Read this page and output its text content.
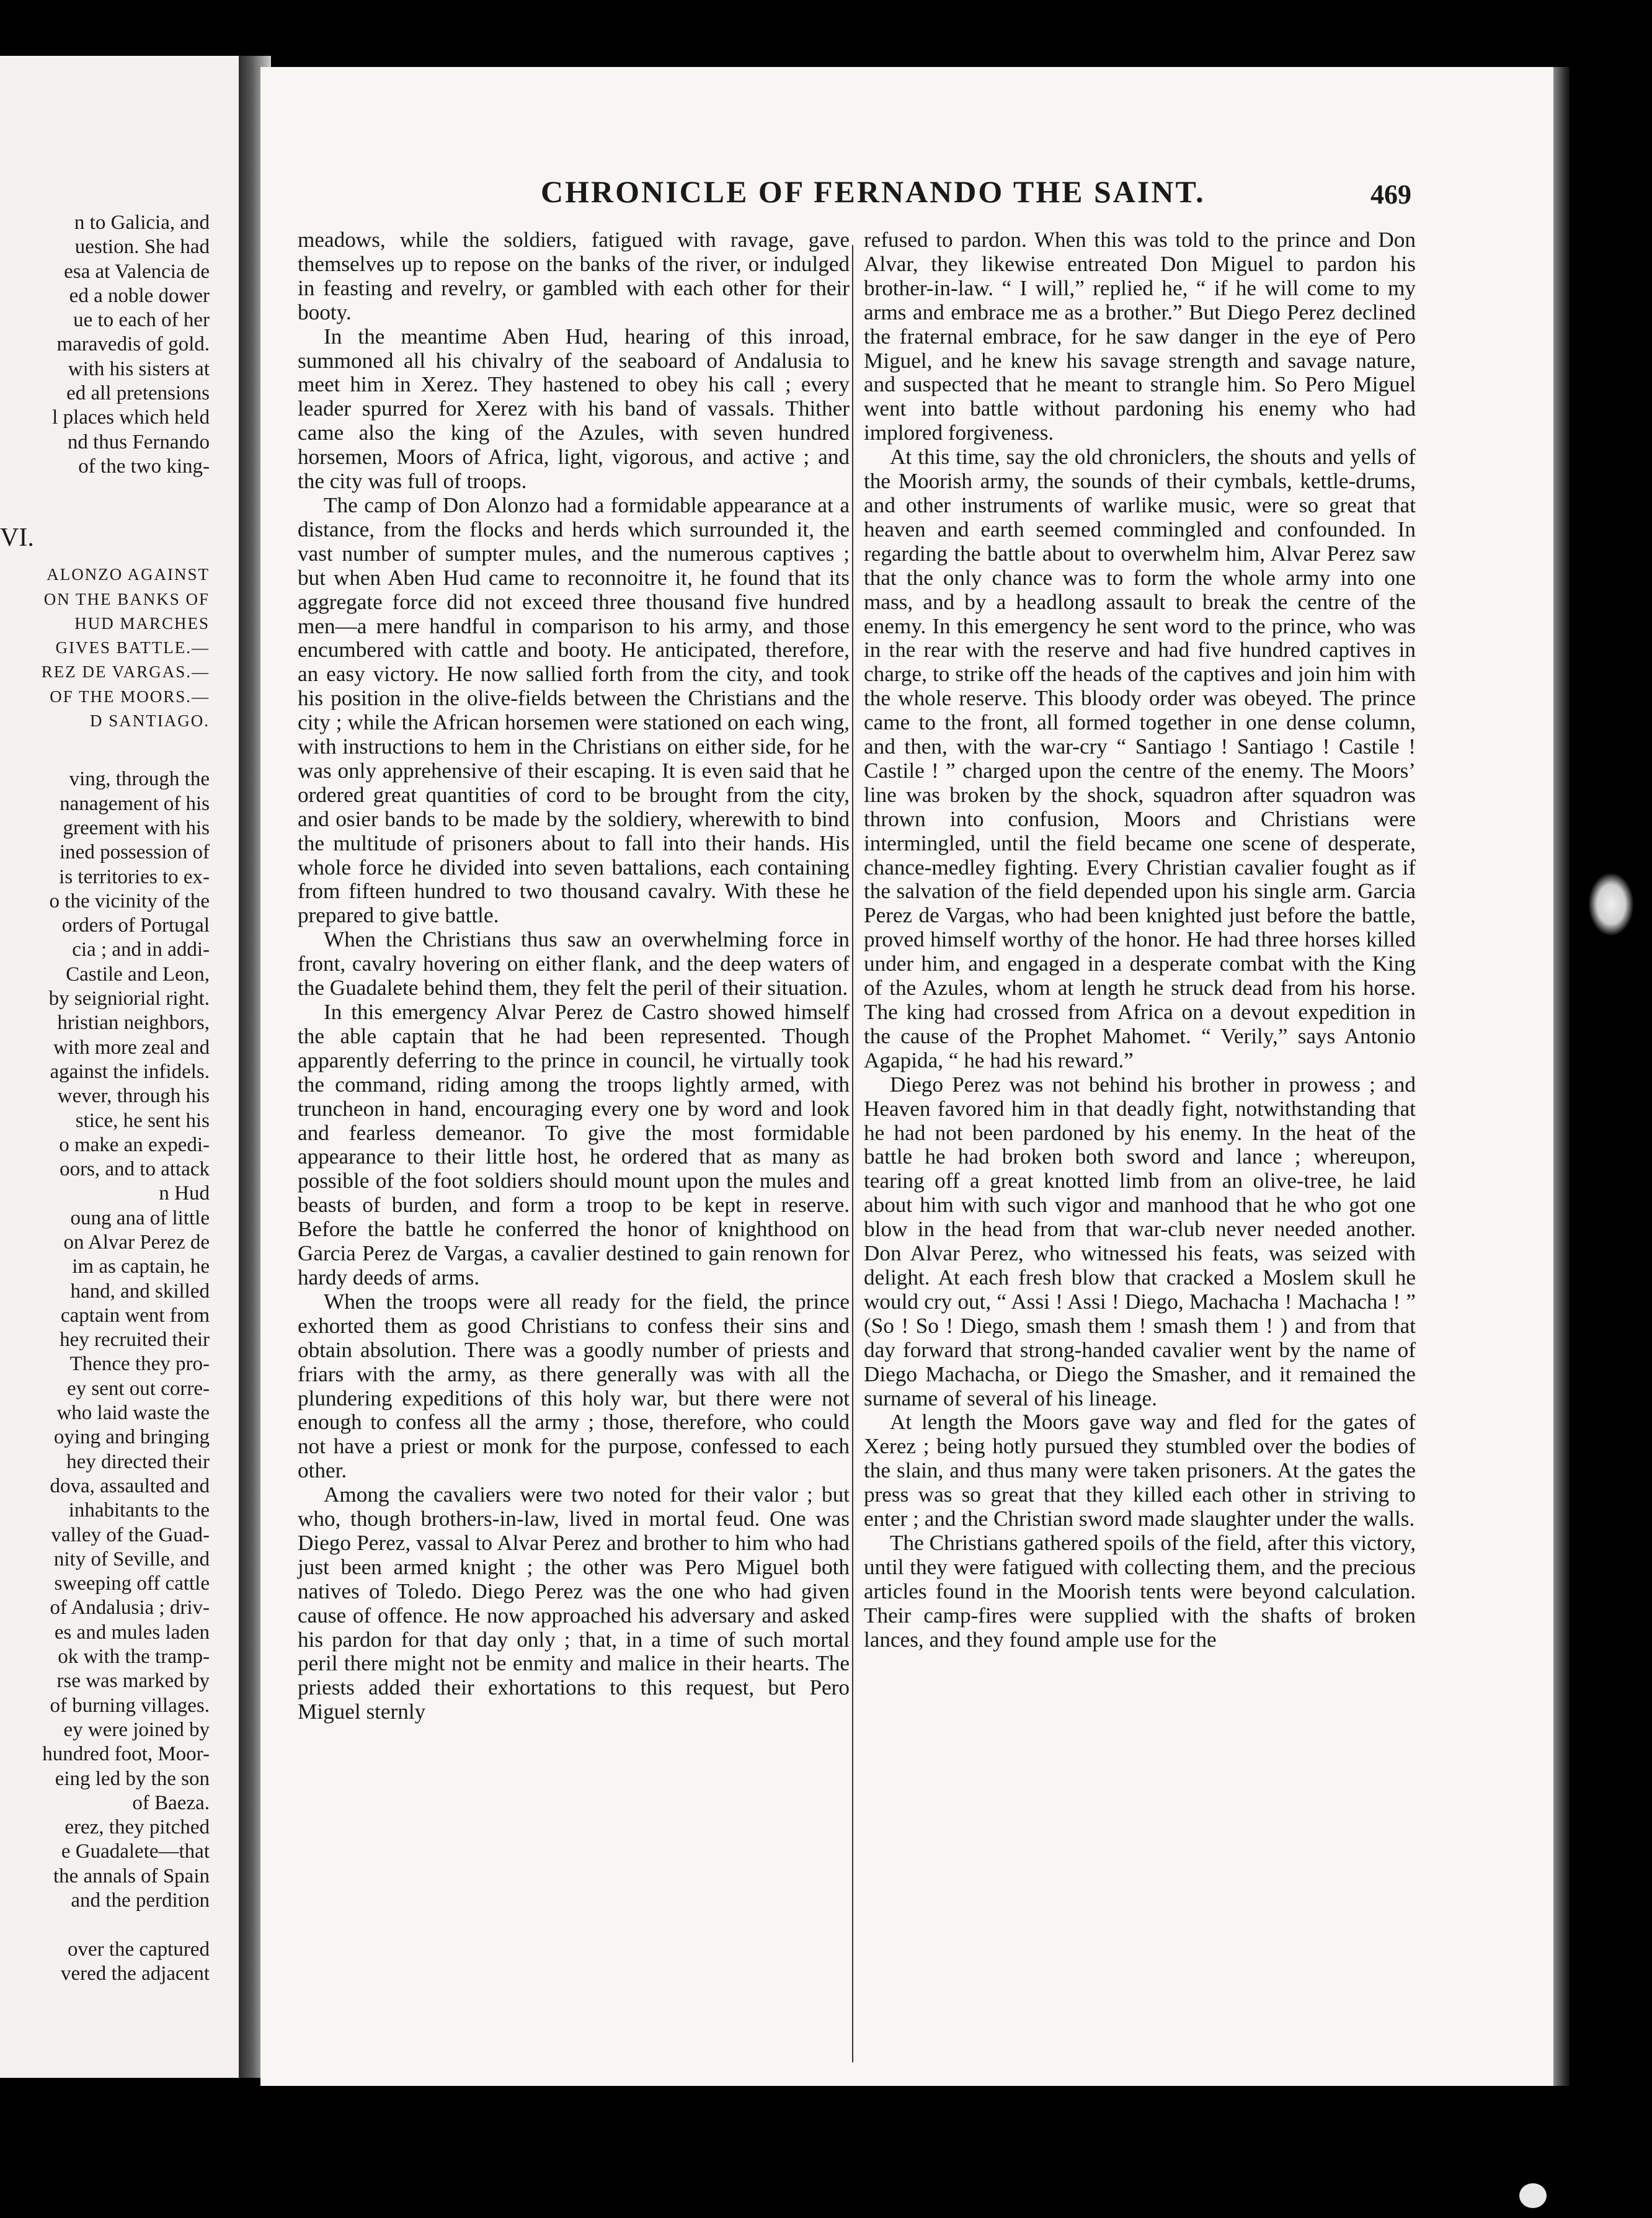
n to Galicia, and
uestion. She had
esa at Valencia de
ed a noble dower
ue to each of her
maravedis of gold.
with his sisters at
ed all pretensions
l places which held
nd thus Fernando
of the two king-
VI.
ALONZO AGAINST
ON THE BANKS OF
HUD MARCHES
GIVES BATTLE.—
REZ DE VARGAS.—
OF THE MOORS.—
D SANTIAGO.
ving, through the
nanagement of his
greement with his
ined possession of
is territories to ex-
o the vicinity of the
orders of Portugal
cia ; and in addi-
Castile and Leon,
by seigniorial right.
hristian neighbors,
with more zeal and
against the infidels.
wever, through his
stice, he sent his
o make an expedi-
oors, and to attack
n Hud
oung ana of little
on Alvar Perez de
im as captain, he
hand, and skilled
captain went from
hey recruited their
Thence they pro-
ey sent out corre-
who laid waste the
oying and bringing
hey directed their
dova, assaulted and
inhabitants to the
valley of the Guad-
nity of Seville, and
sweeping off cattle
of Andalusia ; driv-
es and mules laden
ok with the tramp-
rse was marked by
of burning villages.
ey were joined by
hundred foot, Moor-
eing led by the son
of Baeza.
erez, they pitched
e Guadalete—that
the annals of Spain
and the perdition
over the captured
vered the adjacent
CHRONICLE OF FERNANDO THE SAINT.	469

meadows, while the soldiers, fatigued with ravage, gave themselves up to repose on the banks of the river, or indulged in feasting and revelry, or gambled with each other for their booty.

In the meantime Aben Hud, hearing of this inroad, summoned all his chivalry of the seaboard of Andalusia to meet him in Xerez. They hastened to obey his call ; every leader spurred for Xerez with his band of vassals. Thither came also the king of the Azules, with seven hundred horsemen, Moors of Africa, light, vigorous, and active ; and the city was full of troops.

The camp of Don Alonzo had a formidable appearance at a distance, from the flocks and herds which surrounded it, the vast number of sumpter mules, and the numerous captives ; but when Aben Hud came to reconnoitre it, he found that its aggregate force did not exceed three thousand five hundred men—a mere handful in comparison to his army, and those encumbered with cattle and booty. He anticipated, therefore, an easy victory. He now sallied forth from the city, and took his position in the olive-fields between the Christians and the city ; while the African horsemen were stationed on each wing, with instructions to hem in the Christians on either side, for he was only apprehensive of their escaping. It is even said that he ordered great quantities of cord to be brought from the city, and osier bands to be made by the soldiery, wherewith to bind the multitude of prisoners about to fall into their hands. His whole force he divided into seven battalions, each containing from fifteen hundred to two thousand cavalry. With these he prepared to give battle.

When the Christians thus saw an overwhelming force in front, cavalry hovering on either flank, and the deep waters of the Guadalete behind them, they felt the peril of their situation.

In this emergency Alvar Perez de Castro showed himself the able captain that he had been represented. Though apparently deferring to the prince in council, he virtually took the command, riding among the troops lightly armed, with truncheon in hand, encouraging every one by word and look and fearless demeanor. To give the most formidable appearance to their little host, he ordered that as many as possible of the foot soldiers should mount upon the mules and beasts of burden, and form a troop to be kept in reserve. Before the battle he conferred the honor of knighthood on Garcia Perez de Vargas, a cavalier destined to gain renown for hardy deeds of arms.

When the troops were all ready for the field, the prince exhorted them as good Christians to confess their sins and obtain absolution. There was a goodly number of priests and friars with the army, as there generally was with all the plundering expeditions of this holy war, but there were not enough to confess all the army ; those, therefore, who could not have a priest or monk for the purpose, confessed to each other.

Among the cavaliers were two noted for their valor ; but who, though brothers-in-law, lived in mortal feud. One was Diego Perez, vassal to Alvar Perez and brother to him who had just been armed knight ; the other was Pero Miguel both natives of Toledo. Diego Perez was the one who had given cause of offence. He now approached his adversary and asked his pardon for that day only ; that, in a time of such mortal peril there might not be enmity and malice in their hearts. The priests added their exhortations to this request, but Pero Miguel sternly

refused to pardon. When this was told to the prince and Don Alvar, they likewise entreated Don Miguel to pardon his brother-in-law. “ I will,” replied he, “ if he will come to my arms and embrace me as a brother.” But Diego Perez declined the fraternal embrace, for he saw danger in the eye of Pero Miguel, and he knew his savage strength and savage nature, and suspected that he meant to strangle him. So Pero Miguel went into battle without pardoning his enemy who had implored forgiveness.

At this time, say the old chroniclers, the shouts and yells of the Moorish army, the sounds of their cymbals, kettle-drums, and other instruments of warlike music, were so great that heaven and earth seemed commingled and confounded. In regarding the battle about to overwhelm him, Alvar Perez saw that the only chance was to form the whole army into one mass, and by a headlong assault to break the centre of the enemy. In this emergency he sent word to the prince, who was in the rear with the reserve and had five hundred captives in charge, to strike off the heads of the captives and join him with the whole reserve. This bloody order was obeyed. The prince came to the front, all formed together in one dense column, and then, with the war-cry “ Santiago ! Santiago ! Castile ! Castile ! ” charged upon the centre of the enemy. The Moors’ line was broken by the shock, squadron after squadron was thrown into confusion, Moors and Christians were intermingled, until the field became one scene of desperate, chance-medley fighting. Every Christian cavalier fought as if the salvation of the field depended upon his single arm. Garcia Perez de Vargas, who had been knighted just before the battle, proved himself worthy of the honor. He had three horses killed under him, and engaged in a desperate combat with the King of the Azules, whom at length he struck dead from his horse. The king had crossed from Africa on a devout expedition in the cause of the Prophet Mahomet. “ Verily,” says Antonio Agapida, “ he had his reward.”

Diego Perez was not behind his brother in prowess ; and Heaven favored him in that deadly fight, notwithstanding that he had not been pardoned by his enemy. In the heat of the battle he had broken both sword and lance ; whereupon, tearing off a great knotted limb from an olive-tree, he laid about him with such vigor and manhood that he who got one blow in the head from that war-club never needed another. Don Alvar Perez, who witnessed his feats, was seized with delight. At each fresh blow that cracked a Moslem skull he would cry out, “ Assi ! Assi ! Diego, Machacha ! Machacha ! ” (So ! So ! Diego, smash them ! smash them ! ) and from that day forward that strong-handed cavalier went by the name of Diego Machacha, or Diego the Smasher, and it remained the surname of several of his lineage.

At length the Moors gave way and fled for the gates of Xerez ; being hotly pursued they stumbled over the bodies of the slain, and thus many were taken prisoners. At the gates the press was so great that they killed each other in striving to enter ; and the Christian sword made slaughter under the walls.

The Christians gathered spoils of the field, after this victory, until they were fatigued with collecting them, and the precious articles found in the Moorish tents were beyond calculation. Their camp-fires were supplied with the shafts of broken lances, and they found ample use for the
